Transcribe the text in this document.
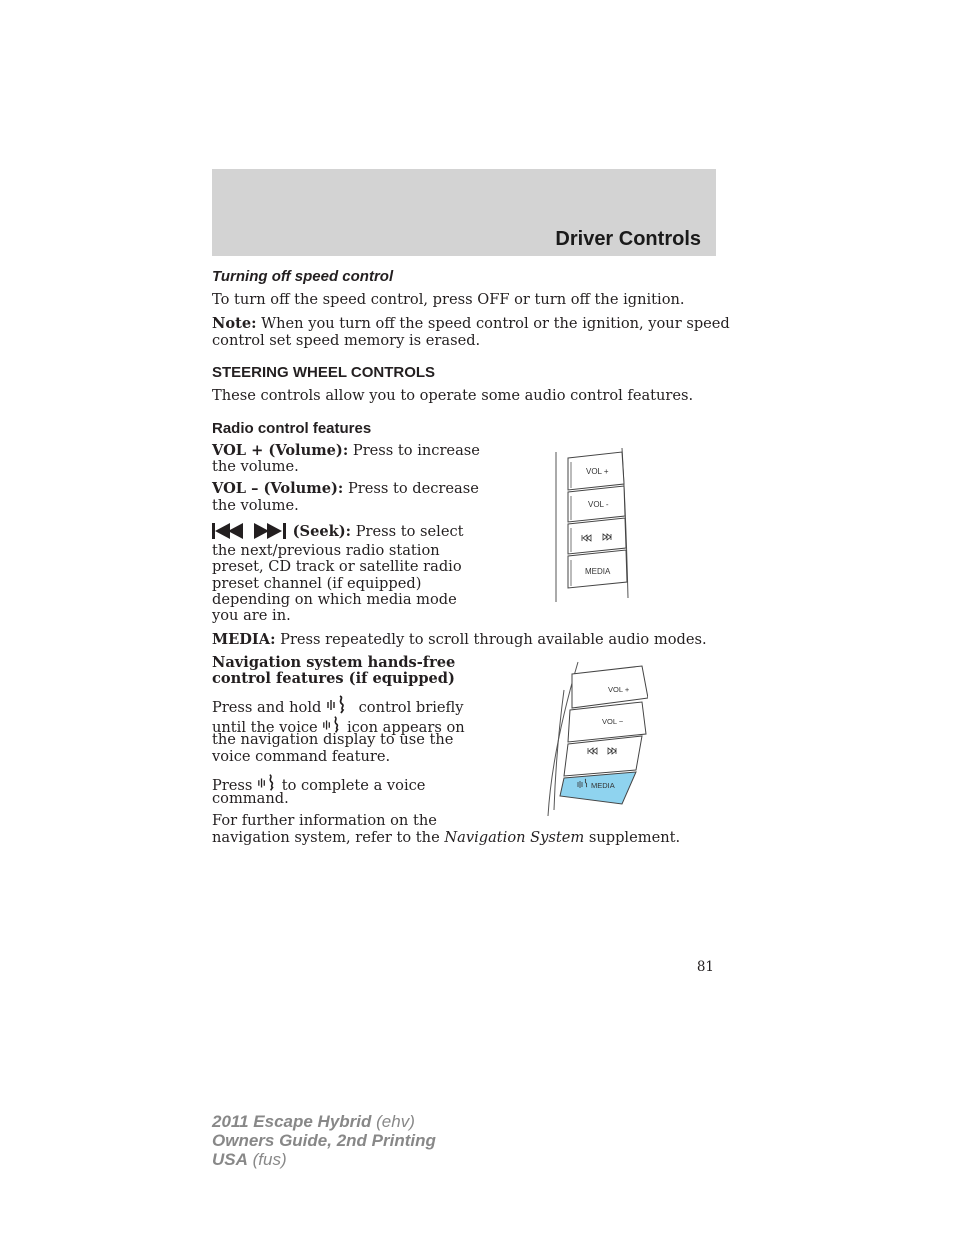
Driver Controls
Turning off speed control
To turn off the speed control, press OFF or turn off the ignition.
Note: When you turn off the speed control or the ignition, your speed
control set speed memory is erased.
STEERING WHEEL CONTROLS
These controls allow you to operate some audio control features.
Radio control features
VOL + (Volume): Press to increase
the volume.
VOL – (Volume): Press to decrease
the volume.
(Seek): Press to select
the next/previous radio station
preset, CD track or satellite radio
preset channel (if equipped)
depending on which media mode
you are in.
MEDIA: Press repeatedly to scroll through available audio modes.
Navigation system hands-free
control features (if equipped)
Press and hold	control briefly
until the voice icon appears on
the navigation display to use the
voice command feature.
Press to complete a voice
command.
For further information on the
navigation system, refer to the Navigation System supplement.
VOL +
VOL -
MEDIA
VOL +
VOL −
MEDIA
81
2011 Escape Hybrid (ehv)
Owners Guide, 2nd Printing
USA (fus)
